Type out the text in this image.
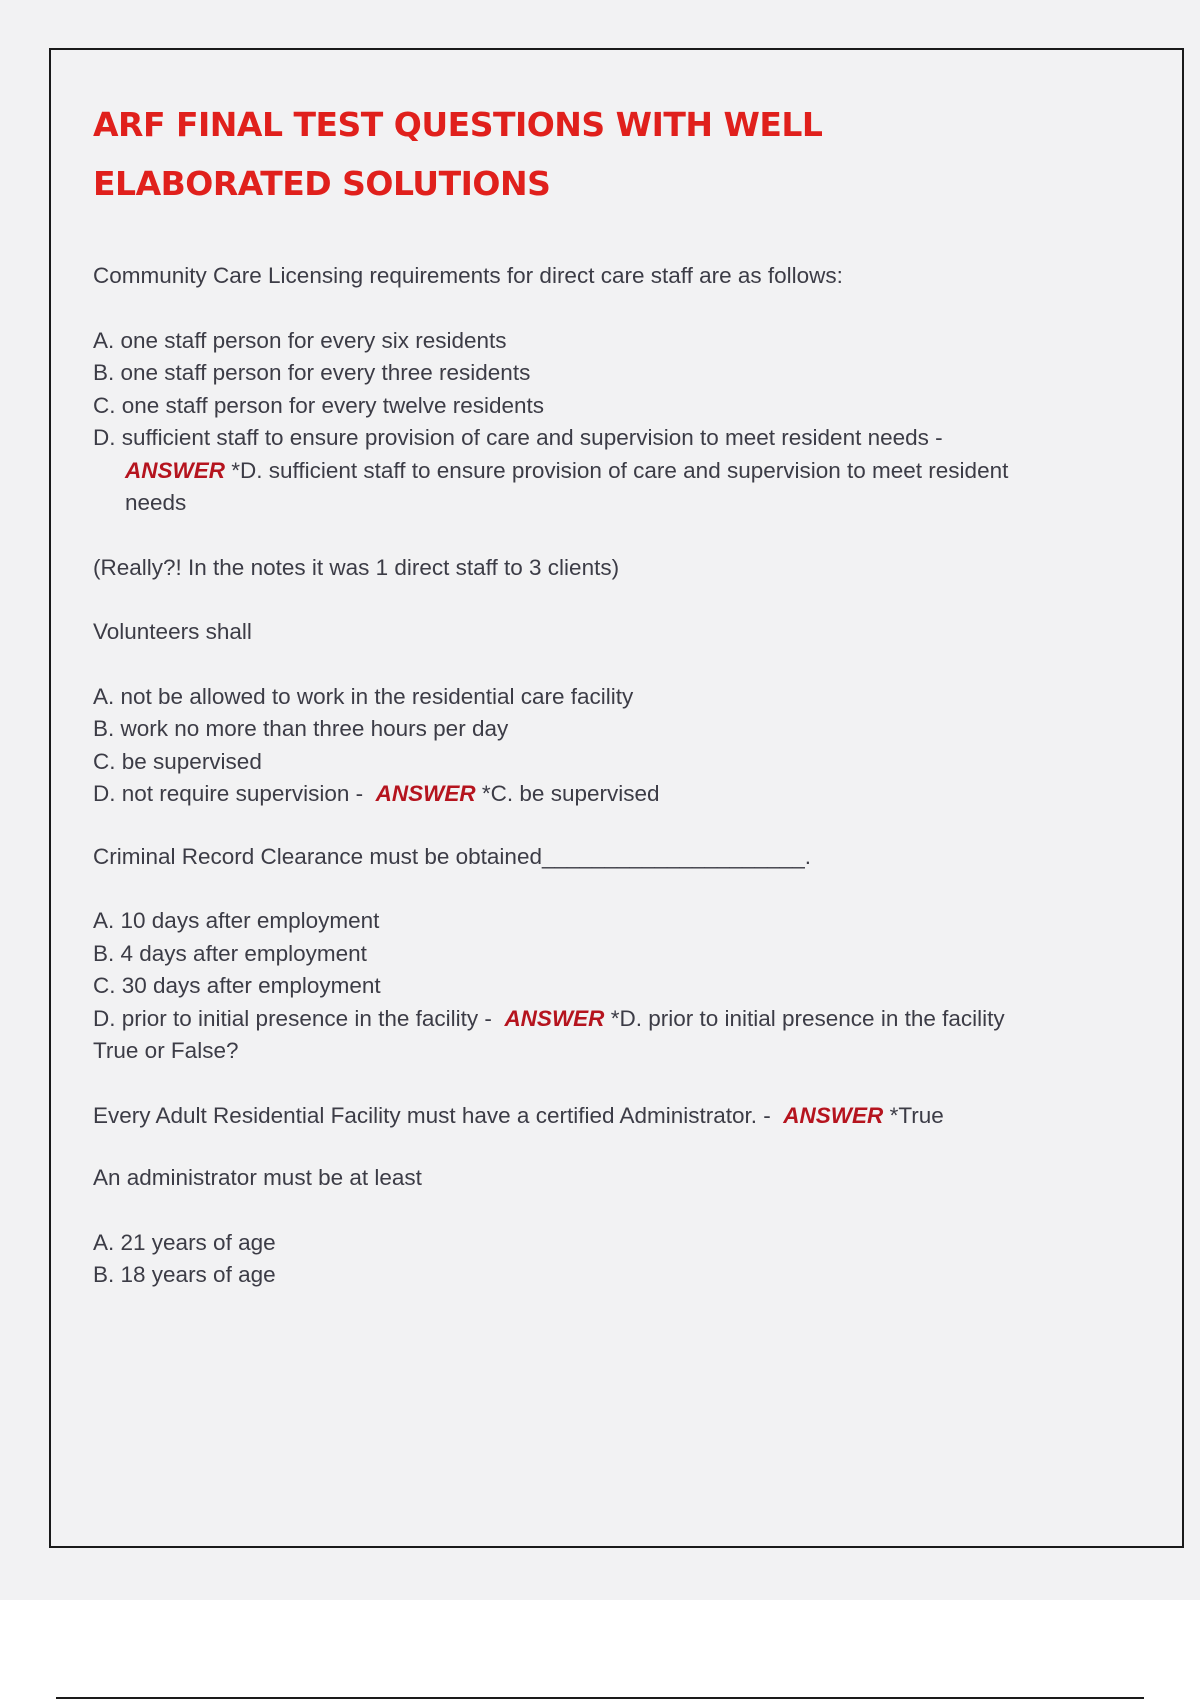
ARF FINAL TEST QUESTIONS WITH WELL ELABORATED SOLUTIONS

Community Care Licensing requirements for direct care staff are as follows:

A. one staff person for every six residents

B. one staff person for every three residents

C. one staff person for every twelve residents

D. sufficient staff to ensure provision of care and supervision to meet resident needs - ANSWER *D. sufficient staff to ensure provision of care and supervision to meet resident needs

(Really?! In the notes it was 1 direct staff to 3 clients)

Volunteers shall

A. not be allowed to work in the residential care facility

B. work no more than three hours per day

C. be supervised

D. not require supervision - ANSWER *C. be supervised

Criminal Record Clearance must be obtained_____________________.

A. 10 days after employment

B. 4 days after employment

C. 30 days after employment

D. prior to initial presence in the facility - ANSWER *D. prior to initial presence in the facility

True or False?

Every Adult Residential Facility must have a certified Administrator. - ANSWER *True

An administrator must be at least

A. 21 years of age

B. 18 years of age
